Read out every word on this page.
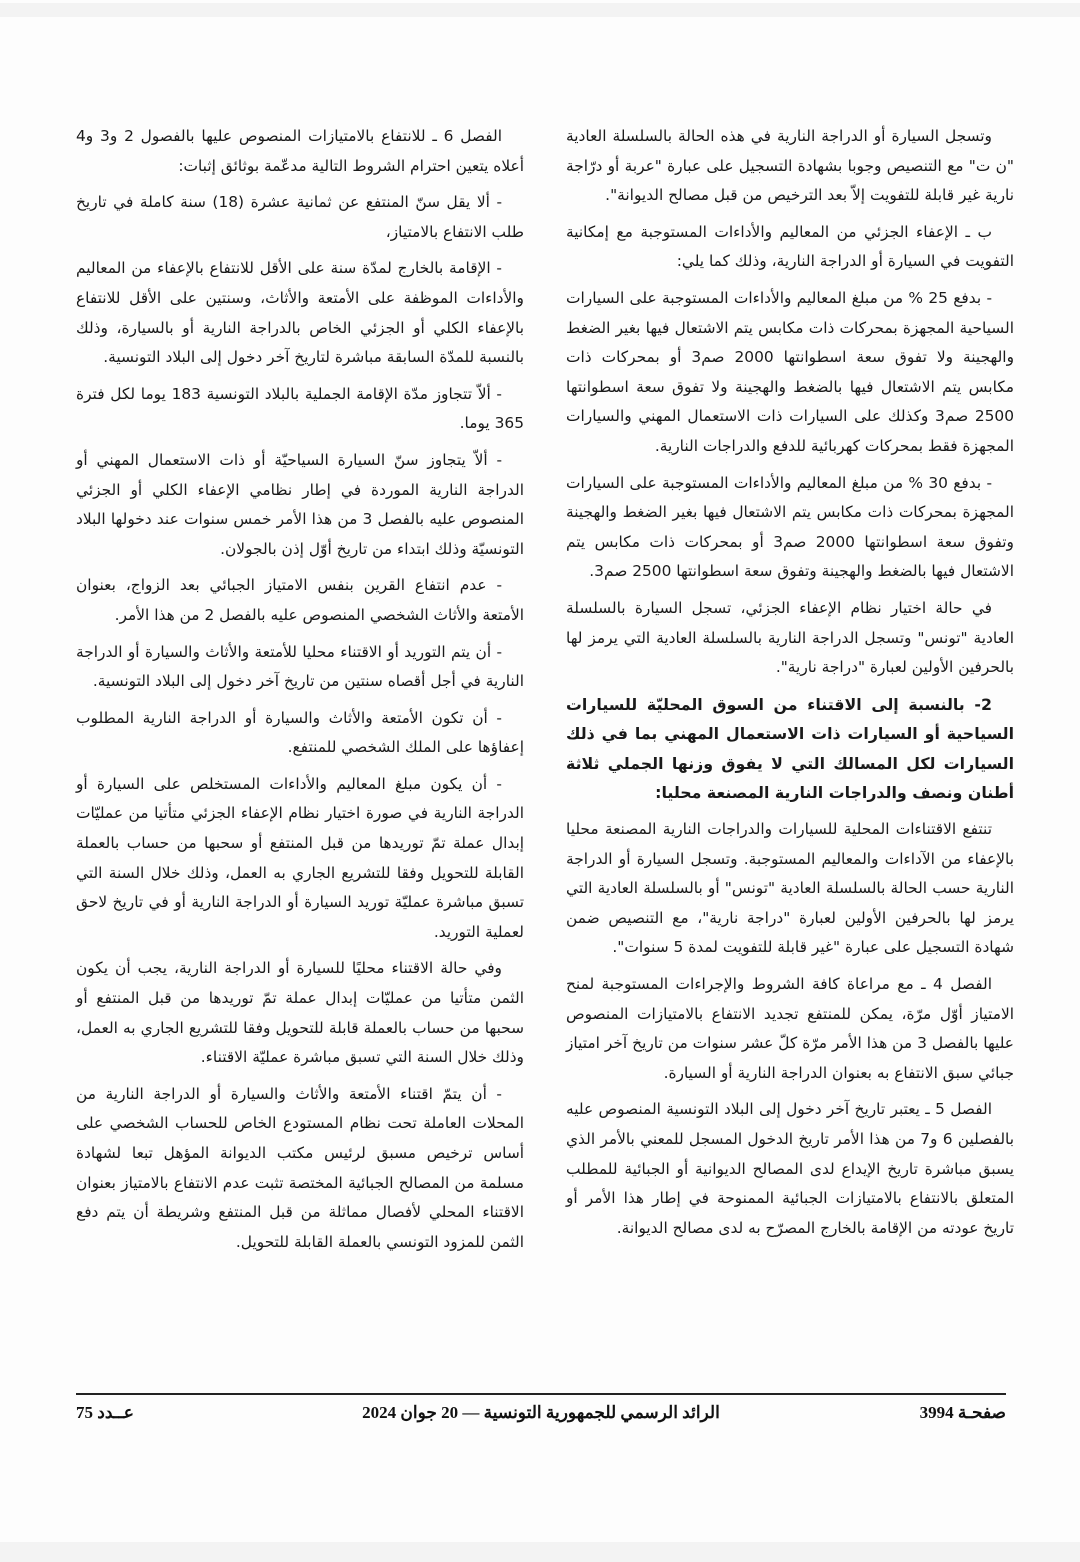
وتسجل السيارة أو الدراجة النارية في هذه الحالة بالسلسلة العادية "ن ت" مع التنصيص وجوبا بشهادة التسجيل على عبارة "عربة أو درّاجة نارية غير قابلة للتفويت إلاّ بعد الترخيص من قبل مصالح الديوانة".

ب ـ الإعفاء الجزئي من المعاليم والأداءات المستوجبة مع إمكانية التفويت في السيارة أو الدراجة النارية، وذلك كما يلي:

- بدفع 25 % من مبلغ المعاليم والأداءات المستوجبة على السيارات السياحية المجهزة بمحركات ذات مكابس يتم الاشتعال فيها بغير الضغط والهجينة ولا تفوق سعة اسطوانتها 2000 صم3 أو بمحركات ذات مكابس يتم الاشتعال فيها بالضغط والهجينة ولا تفوق سعة اسطوانتها 2500 صم3 وكذلك على السيارات ذات الاستعمال المهني والسيارات المجهزة فقط بمحركات كهربائية للدفع والدراجات النارية.

- بدفع 30 % من مبلغ المعاليم والأداءات المستوجبة على السيارات المجهزة بمحركات ذات مكابس يتم الاشتعال فيها بغير الضغط والهجينة وتفوق سعة اسطوانتها 2000 صم3 أو بمحركات ذات مكابس يتم الاشتعال فيها بالضغط والهجينة وتفوق سعة اسطوانتها 2500 صم3.

في حالة اختيار نظام الإعفاء الجزئي، تسجل السيارة بالسلسلة العادية "تونس" وتسجل الدراجة النارية بالسلسلة العادية التي يرمز لها بالحرفين الأولين لعبارة "دراجة نارية".

2- بالنسبة إلى الاقتناء من السوق المحليّة للسيارات السياحية أو السيارات ذات الاستعمال المهني بما في ذلك السيارات لكل المسالك التي لا يفوق وزنها الجملي ثلاثة أطنان ونصف والدراجات النارية المصنعة محليا:

تنتفع الاقتناءات المحلية للسيارات والدراجات النارية المصنعة محليا بالإعفاء من الآداءات والمعاليم المستوجبة. وتسجل السيارة أو الدراجة النارية حسب الحالة بالسلسلة العادية "تونس" أو بالسلسلة العادية التي يرمز لها بالحرفين الأولين لعبارة "دراجة نارية"، مع التنصيص ضمن شهادة التسجيل على عبارة "غير قابلة للتفويت لمدة 5 سنوات".

الفصل 4 ـ مع مراعاة كافة الشروط والإجراءات المستوجبة لمنح الامتياز أوّل مرّة، يمكن للمنتفع تجديد الانتفاع بالامتيازات المنصوص عليها بالفصل 3 من هذا الأمر مرّة كلّ عشر سنوات من تاريخ آخر امتياز جبائي سبق الانتفاع به بعنوان الدراجة النارية أو السيارة.

الفصل 5 ـ يعتبر تاريخ آخر دخول إلى البلاد التونسية المنصوص عليه بالفصلين 6 و7 من هذا الأمر تاريخ الدخول المسجل للمعني بالأمر الذي يسبق مباشرة تاريخ الإيداع لدى المصالح الديوانية أو الجبائية للمطلب المتعلق بالانتفاع بالامتيازات الجبائية الممنوحة في إطار هذا الأمر أو تاريخ عودته من الإقامة بالخارج المصرّح به لدى مصالح الديوانة.

الفصل 6 ـ للانتفاع بالامتيازات المنصوص عليها بالفصول 2 و3 و4 أعلاه يتعين احترام الشروط التالية مدعّمة بوثائق إثبات:

- ألا يقل سنّ المنتفع عن ثمانية عشرة (18) سنة كاملة في تاريخ طلب الانتفاع بالامتياز،

- الإقامة بالخارج لمدّة سنة على الأقل للانتفاع بالإعفاء من المعاليم والأداءات الموظفة على الأمتعة والأثاث، وسنتين على الأقل للانتفاع بالإعفاء الكلي أو الجزئي الخاص بالدراجة النارية أو بالسيارة، وذلك بالنسبة للمدّة السابقة مباشرة لتاريخ آخر دخول إلى البلاد التونسية.

- ألاّ تتجاوز مدّة الإقامة الجملية بالبلاد التونسية 183 يوما لكل فترة 365 يوما.

- ألاّ يتجاوز سنّ السيارة السياحيّة أو ذات الاستعمال المهني أو الدراجة النارية الموردة في إطار نظامي الإعفاء الكلي أو الجزئي المنصوص عليه بالفصل 3 من هذا الأمر خمس سنوات عند دخولها البلاد التونسيّة وذلك ابتداء من تاريخ أوّل إذن بالجولان.

- عدم انتفاع القرين بنفس الامتياز الجبائي بعد الزواج، بعنوان الأمتعة والأثاث الشخصي المنصوص عليه بالفصل 2 من هذا الأمر.

- أن يتم التوريد أو الاقتناء محليا للأمتعة والأثاث والسيارة أو الدراجة النارية في أجل أقصاه سنتين من تاريخ آخر دخول إلى البلاد التونسية.

- أن تكون الأمتعة والأثاث والسيارة أو الدراجة النارية المطلوب إعفاؤها على الملك الشخصي للمنتفع.

- أن يكون مبلغ المعاليم والأداءات المستخلص على السيارة أو الدراجة النارية في صورة اختيار نظام الإعفاء الجزئي متأتيا من عمليّات إبدال عملة تمّ توريدها من قبل المنتفع أو سحبها من حساب بالعملة القابلة للتحويل وفقا للتشريع الجاري به العمل، وذلك خلال السنة التي تسبق مباشرة عمليّة توريد السيارة أو الدراجة النارية أو في تاريخ لاحق لعملية التوريد.

وفي حالة الاقتناء محليًا للسيارة أو الدراجة النارية، يجب أن يكون الثمن متأتيا من عمليّات إبدال عملة تمّ توريدها من قبل المنتفع أو سحبها من حساب بالعملة قابلة للتحويل وفقا للتشريع الجاري به العمل، وذلك خلال السنة التي تسبق مباشرة عمليّة الاقتناء.

- أن يتمّ اقتناء الأمتعة والأثاث والسيارة أو الدراجة النارية من المحلات العاملة تحت نظام المستودع الخاص للحساب الشخصي على أساس ترخيص مسبق لرئيس مكتب الديوانة المؤهل تبعا لشهادة مسلمة من المصالح الجبائية المختصة تثبت عدم الانتفاع بالامتياز بعنوان الاقتناء المحلي لأفصال مماثلة من قبل المنتفع وشريطة أن يتم دفع الثمن للمزود التونسي بالعملة القابلة للتحويل.

صفحـة 3994
الرائد الرسمي للجمهورية التونسية — 20 جوان 2024
عــدد 75
